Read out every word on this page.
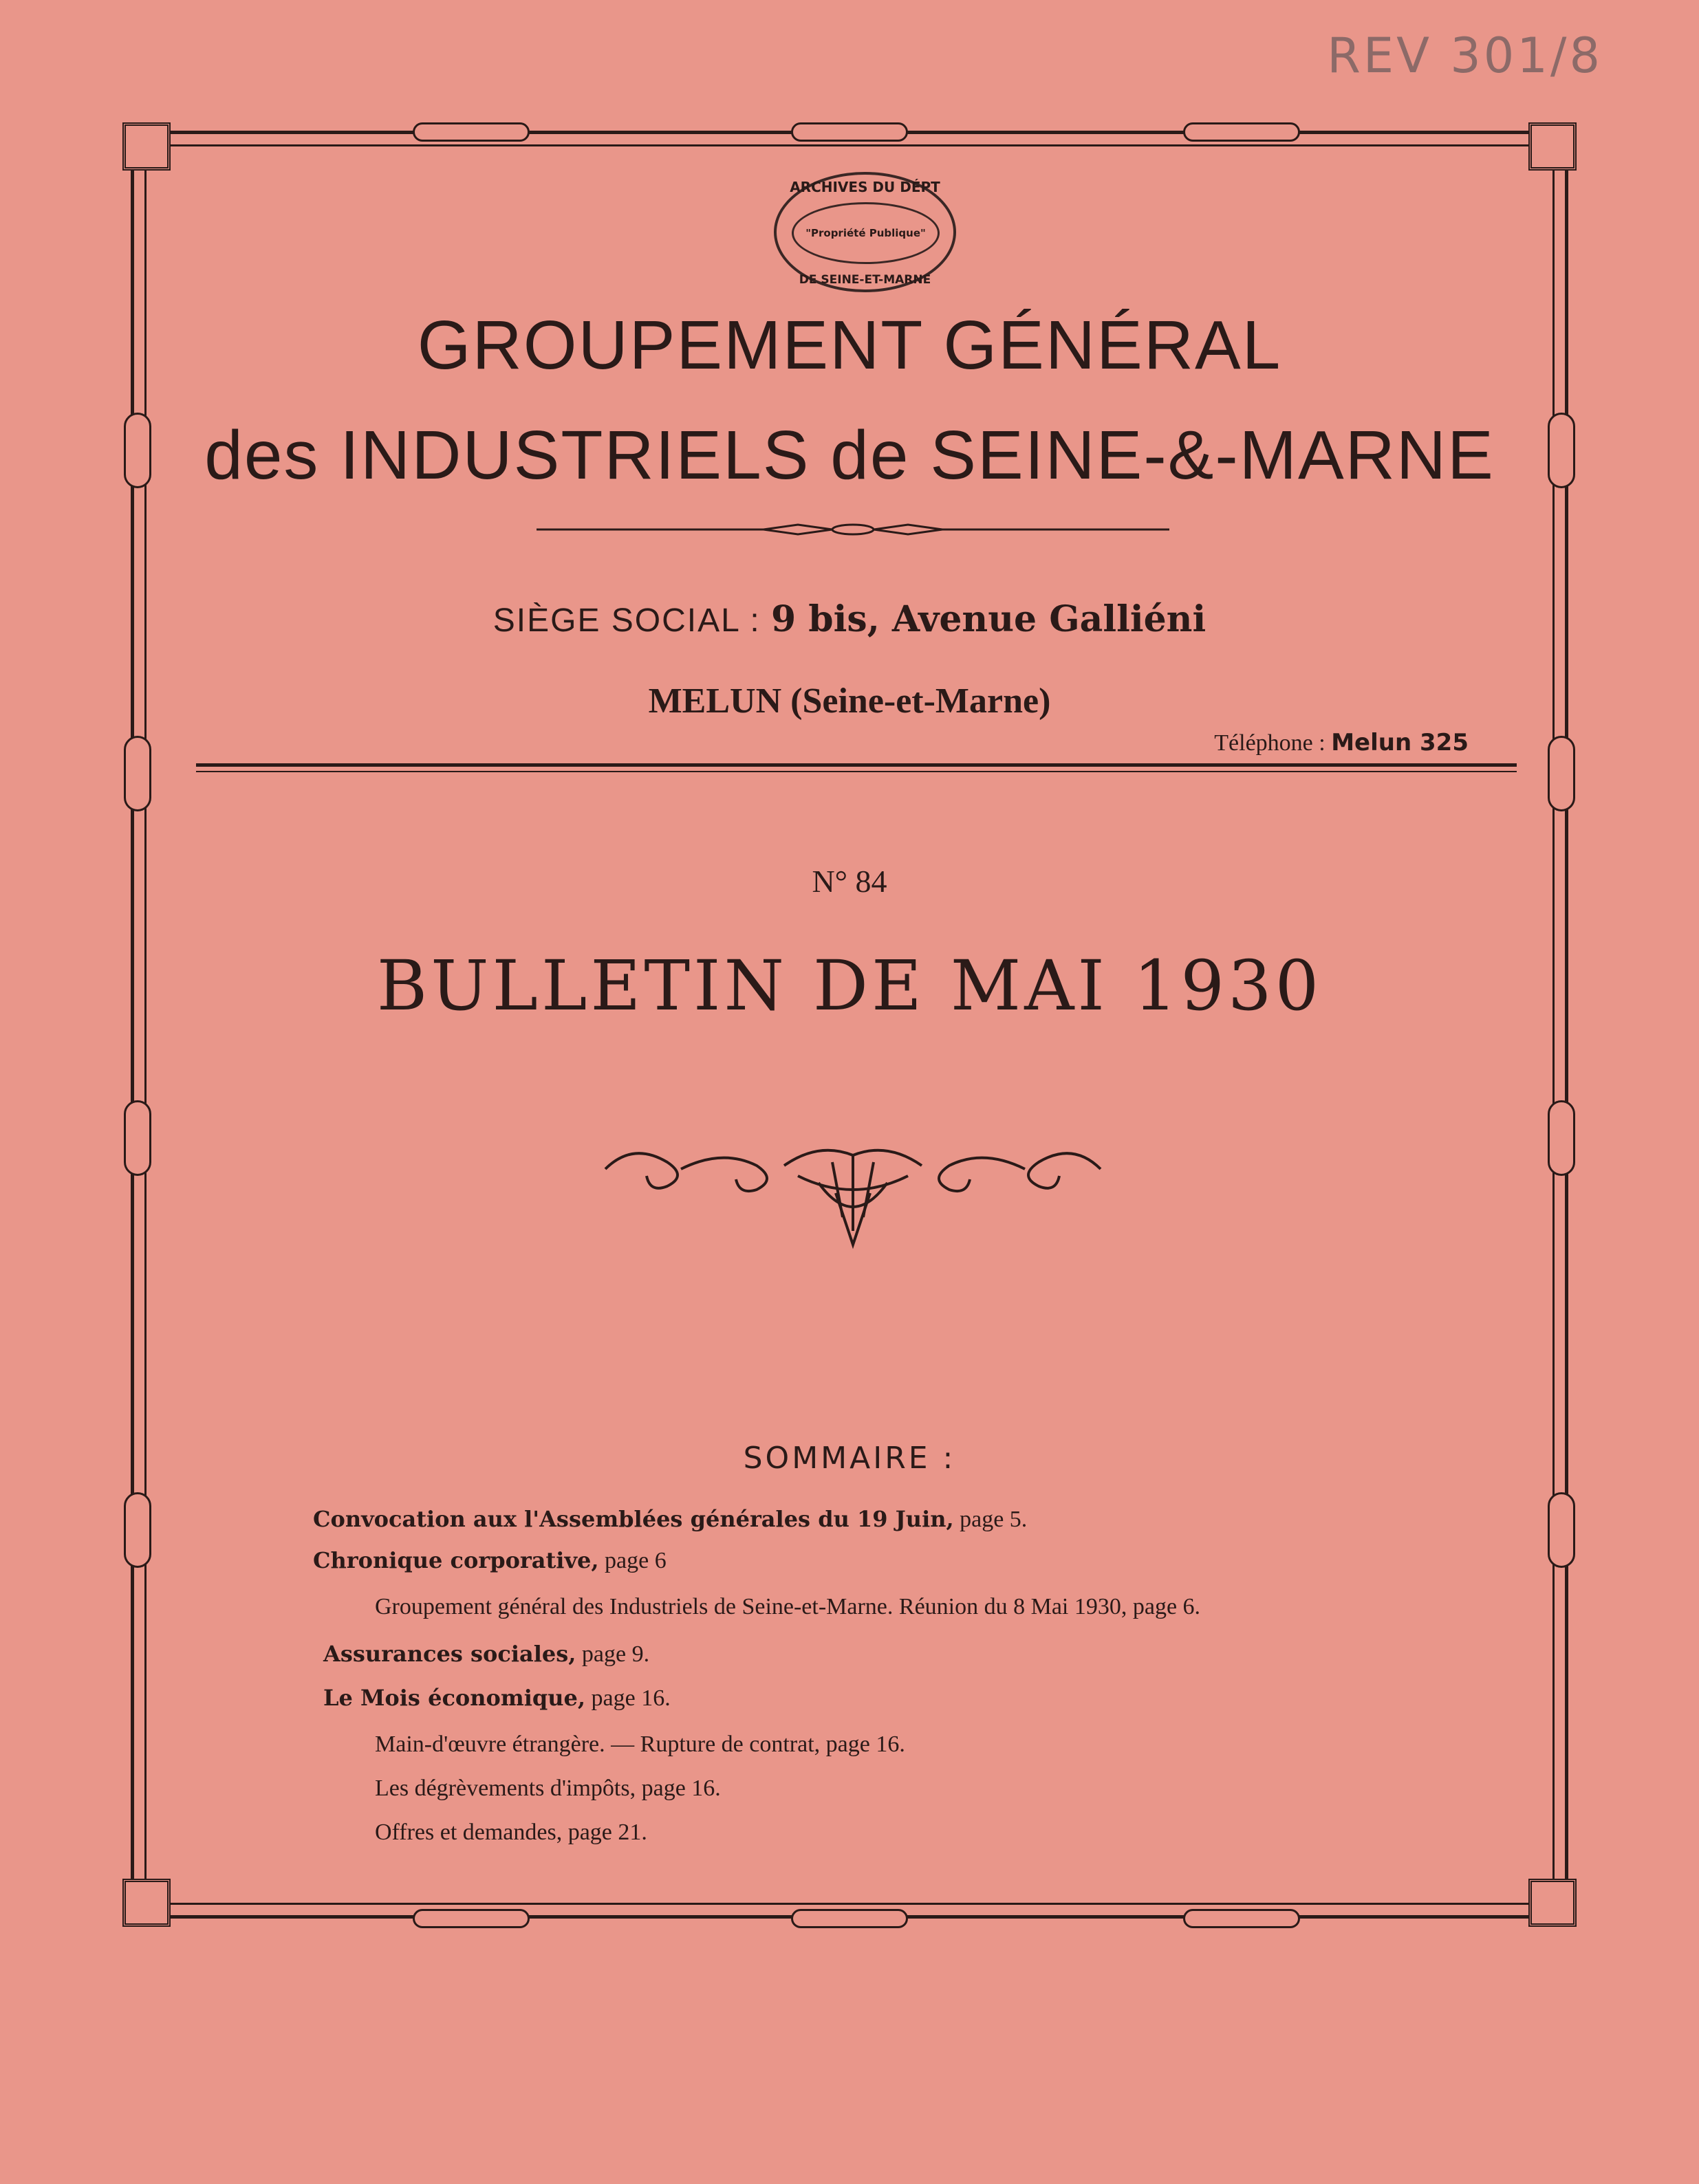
REV 301/8
ARCHIVES DU DÉPT
"Propriété Publique"
DE SEINE-ET-MARNE
GROUPEMENT GÉNÉRAL
des INDUSTRIELS de SEINE-&-MARNE
SIÈGE SOCIAL : 9 bis, Avenue Galliéni
MELUN (Seine-et-Marne)
Téléphone : Melun 325
N° 84
BULLETIN DE MAI 1930
SOMMAIRE :
Convocation aux l'Assemblées générales du 19 Juin, page 5.
Chronique corporative, page 6
Groupement général des Industriels de Seine-et-Marne. Réunion du 8 Mai 1930, page 6.
Assurances sociales, page 9.
Le Mois économique, page 16.
Main-d'œuvre étrangère. — Rupture de contrat, page 16.
Les dégrèvements d'impôts, page 16.
Offres et demandes, page 21.
